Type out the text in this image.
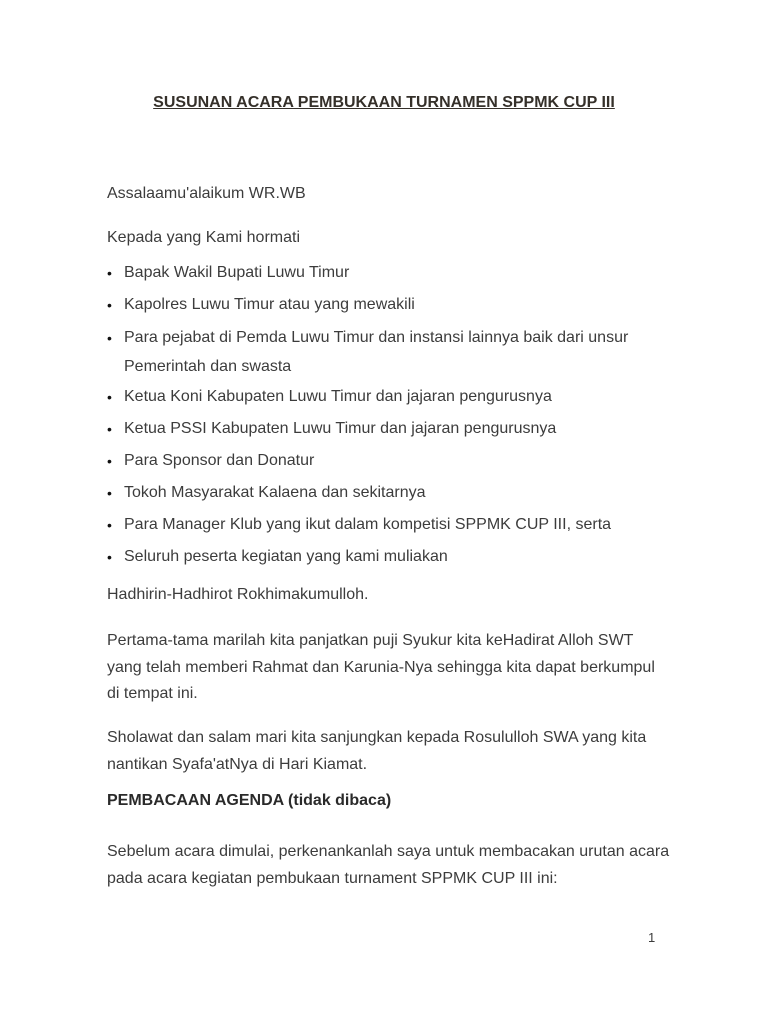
SUSUNAN ACARA PEMBUKAAN TURNAMEN SPPMK CUP III
Assalaamu'alaikum WR.WB
Kepada yang Kami hormati
• Bapak Wakil Bupati Luwu Timur
• Kapolres Luwu Timur atau yang mewakili
• Para pejabat di Pemda Luwu Timur dan instansi lainnya baik dari unsur
Pemerintah dan swasta
• Ketua Koni Kabupaten Luwu Timur dan jajaran pengurusnya
• Ketua PSSI Kabupaten Luwu Timur dan jajaran pengurusnya
• Para Sponsor dan Donatur
• Tokoh Masyarakat Kalaena dan sekitarnya
• Para Manager Klub yang ikut dalam kompetisi SPPMK CUP III, serta
• Seluruh peserta kegiatan yang kami muliakan
Hadhirin-Hadhirot Rokhimakumulloh.
Pertama-tama marilah kita panjatkan puji Syukur kita keHadirat Alloh SWT
yang telah memberi Rahmat dan Karunia-Nya sehingga kita dapat berkumpul
di tempat ini.
Sholawat dan salam mari kita sanjungkan kepada Rosululloh SWA yang kita
nantikan Syafa'atNya di Hari Kiamat.
PEMBACAAN AGENDA (tidak dibaca)
Sebelum acara dimulai, perkenankanlah saya untuk membacakan urutan acara
pada acara kegiatan pembukaan turnament SPPMK CUP III ini:
1
